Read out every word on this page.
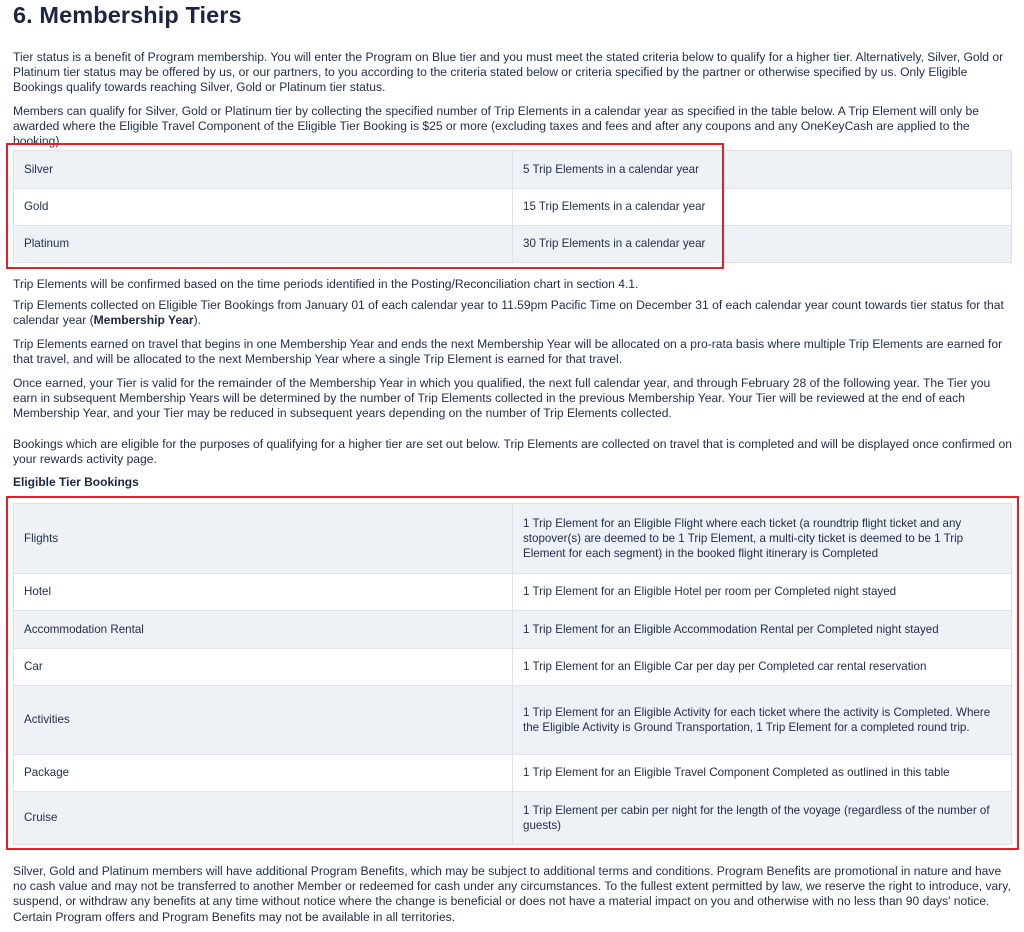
6. Membership Tiers

Tier status is a benefit of Program membership. You will enter the Program on Blue tier and you must meet the stated criteria below to qualify for a higher tier. Alternatively, Silver, Gold or Platinum tier status may be offered by us, or our partners, to you according to the criteria stated below or criteria specified by the partner or otherwise specified by us. Only Eligible Bookings qualify towards reaching Silver, Gold or Platinum tier status.

Members can qualify for Silver, Gold or Platinum tier by collecting the specified number of Trip Elements in a calendar year as specified in the table below. A Trip Element will only be awarded where the Eligible Travel Component of the Eligible Tier Booking is $25 or more (excluding taxes and fees and after any coupons and any OneKeyCash are applied to the booking).

Silver	5 Trip Elements in a calendar year
Gold	15 Trip Elements in a calendar year
Platinum	30 Trip Elements in a calendar year

Trip Elements will be confirmed based on the time periods identified in the Posting/Reconciliation chart in section 4.1.

Trip Elements collected on Eligible Tier Bookings from January 01 of each calendar year to 11.59pm Pacific Time on December 31 of each calendar year count towards tier status for that calendar year (Membership Year).

Trip Elements earned on travel that begins in one Membership Year and ends the next Membership Year will be allocated on a pro-rata basis where multiple Trip Elements are earned for that travel, and will be allocated to the next Membership Year where a single Trip Element is earned for that travel.

Once earned, your Tier is valid for the remainder of the Membership Year in which you qualified, the next full calendar year, and through February 28 of the following year. The Tier you earn in subsequent Membership Years will be determined by the number of Trip Elements collected in the previous Membership Year. Your Tier will be reviewed at the end of each Membership Year, and your Tier may be reduced in subsequent years depending on the number of Trip Elements collected.

Bookings which are eligible for the purposes of qualifying for a higher tier are set out below. Trip Elements are collected on travel that is completed and will be displayed once confirmed on your rewards activity page.

Eligible Tier Bookings
Flights	1 Trip Element for an Eligible Flight where each ticket (a roundtrip flight ticket and any stopover(s) are deemed to be 1 Trip Element, a multi-city ticket is deemed to be 1 Trip Element for each segment) in the booked flight itinerary is Completed
Hotel	1 Trip Element for an Eligible Hotel per room per Completed night stayed
Accommodation Rental	1 Trip Element for an Eligible Accommodation Rental per Completed night stayed
Car	1 Trip Element for an Eligible Car per day per Completed car rental reservation
Activities	1 Trip Element for an Eligible Activity for each ticket where the activity is Completed. Where the Eligible Activity is Ground Transportation, 1 Trip Element for a completed round trip.
Package	1 Trip Element for an Eligible Travel Component Completed as outlined in this table
Cruise	1 Trip Element per cabin per night for the length of the voyage (regardless of the number of guests)

Silver, Gold and Platinum members will have additional Program Benefits, which may be subject to additional terms and conditions. Program Benefits are promotional in nature and have no cash value and may not be transferred to another Member or redeemed for cash under any circumstances. To the fullest extent permitted by law, we reserve the right to introduce, vary, suspend, or withdraw any benefits at any time without notice where the change is beneficial or does not have a material impact on you and otherwise with no less than 90 days' notice. Certain Program offers and Program Benefits may not be available in all territories.
